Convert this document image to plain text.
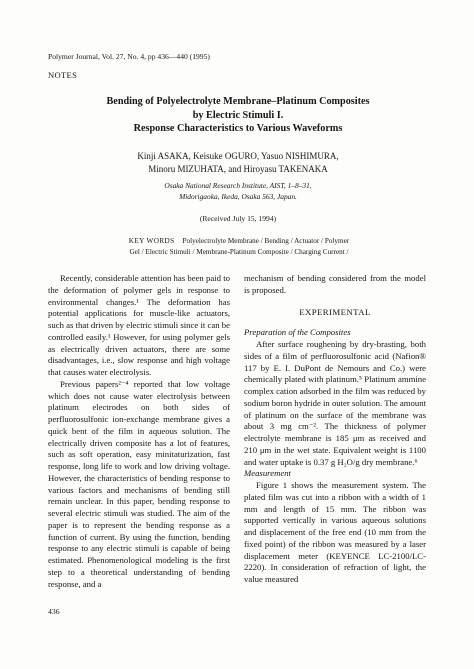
Polymer Journal, Vol. 27, No. 4, pp 436—440 (1995)
NOTES
Bending of Polyelectrolyte Membrane–Platinum Composites
by Electric Stimuli I.
Response Characteristics to Various Waveforms
Kinji ASAKA, Keisuke OGURO, Yasuo NISHIMURA,
Minoru MIZUHATA, and Hiroyasu TAKENAKA
Osaka National Research Institute, AIST, 1–8–31,
Midorigaoka, Ikeda, Osaka 563, Japan.
(Received July 15, 1994)
KEY WORDS Polyelectrolyte Membrane / Bending / Actuator / Polymer
Gel / Electric Stimuli / Membrane-Platinum Composite / Charging Current /

Recently, considerable attention has been paid to the deformation of polymer gels in response to environmental changes.¹ The deformation has potential applications for muscle-like actuators, such as that driven by electric stimuli since it can be controlled easily.¹ However, for using polymer gels as electrically driven actuators, there are some disadvantages, i.e., slow response and high voltage that causes water electrolysis.

Previous papers²⁻⁴ reported that low voltage which does not cause water electrolysis between platinum electrodes on both sides of perfluorosulfonic ion-exchange membrane gives a quick bent of the film in aqueous solution. The electrically driven composite has a lot of features, such as soft operation, easy minitaturization, fast response, long life to work and low driving voltage. However, the characteristics of bending response to various factors and mechanisms of bending still remain unclear. In this paper, bending response to several electric stimuli was studied. The aim of the paper is to represent the bending response as a function of current. By using the function, bending response to any electric stimuli is capable of being estimated. Phenomenological modeling is the first step to a theoretical understanding of bending response, and a

mechanism of bending considered from the model is proposed.

EXPERIMENTAL
Preparation of the Composites

After surface roughening by dry-brasting, both sides of a film of perfluorosulfonic acid (Nafion® 117 by E. I. DuPont de Nemours and Co.) were chemically plated with platinum.⁵ Platinum ammine complex cation adsorbed in the film was reduced by sodium boron hydride in outer solution. The amount of platinum on the surface of the membrane was about 3 mg cm⁻². The thickness of polymer electrolyte membrane is 185 μm as received and 210 μm in the wet state. Equivalent weight is 1100 and water uptake is 0.37 g H₂O/g dry membrane.⁶

Measurement

Figure 1 shows the measurement system. The plated film was cut into a ribbon with a width of 1 mm and length of 15 mm. The ribbon was supported vertically in various aqueous solutions and displacement of the free end (10 mm from the fixed point) of the ribbon was measured by a laser displacement meter (KEYENCE LC-2100/LC-2220). In consideration of refraction of light, the value measured

436
